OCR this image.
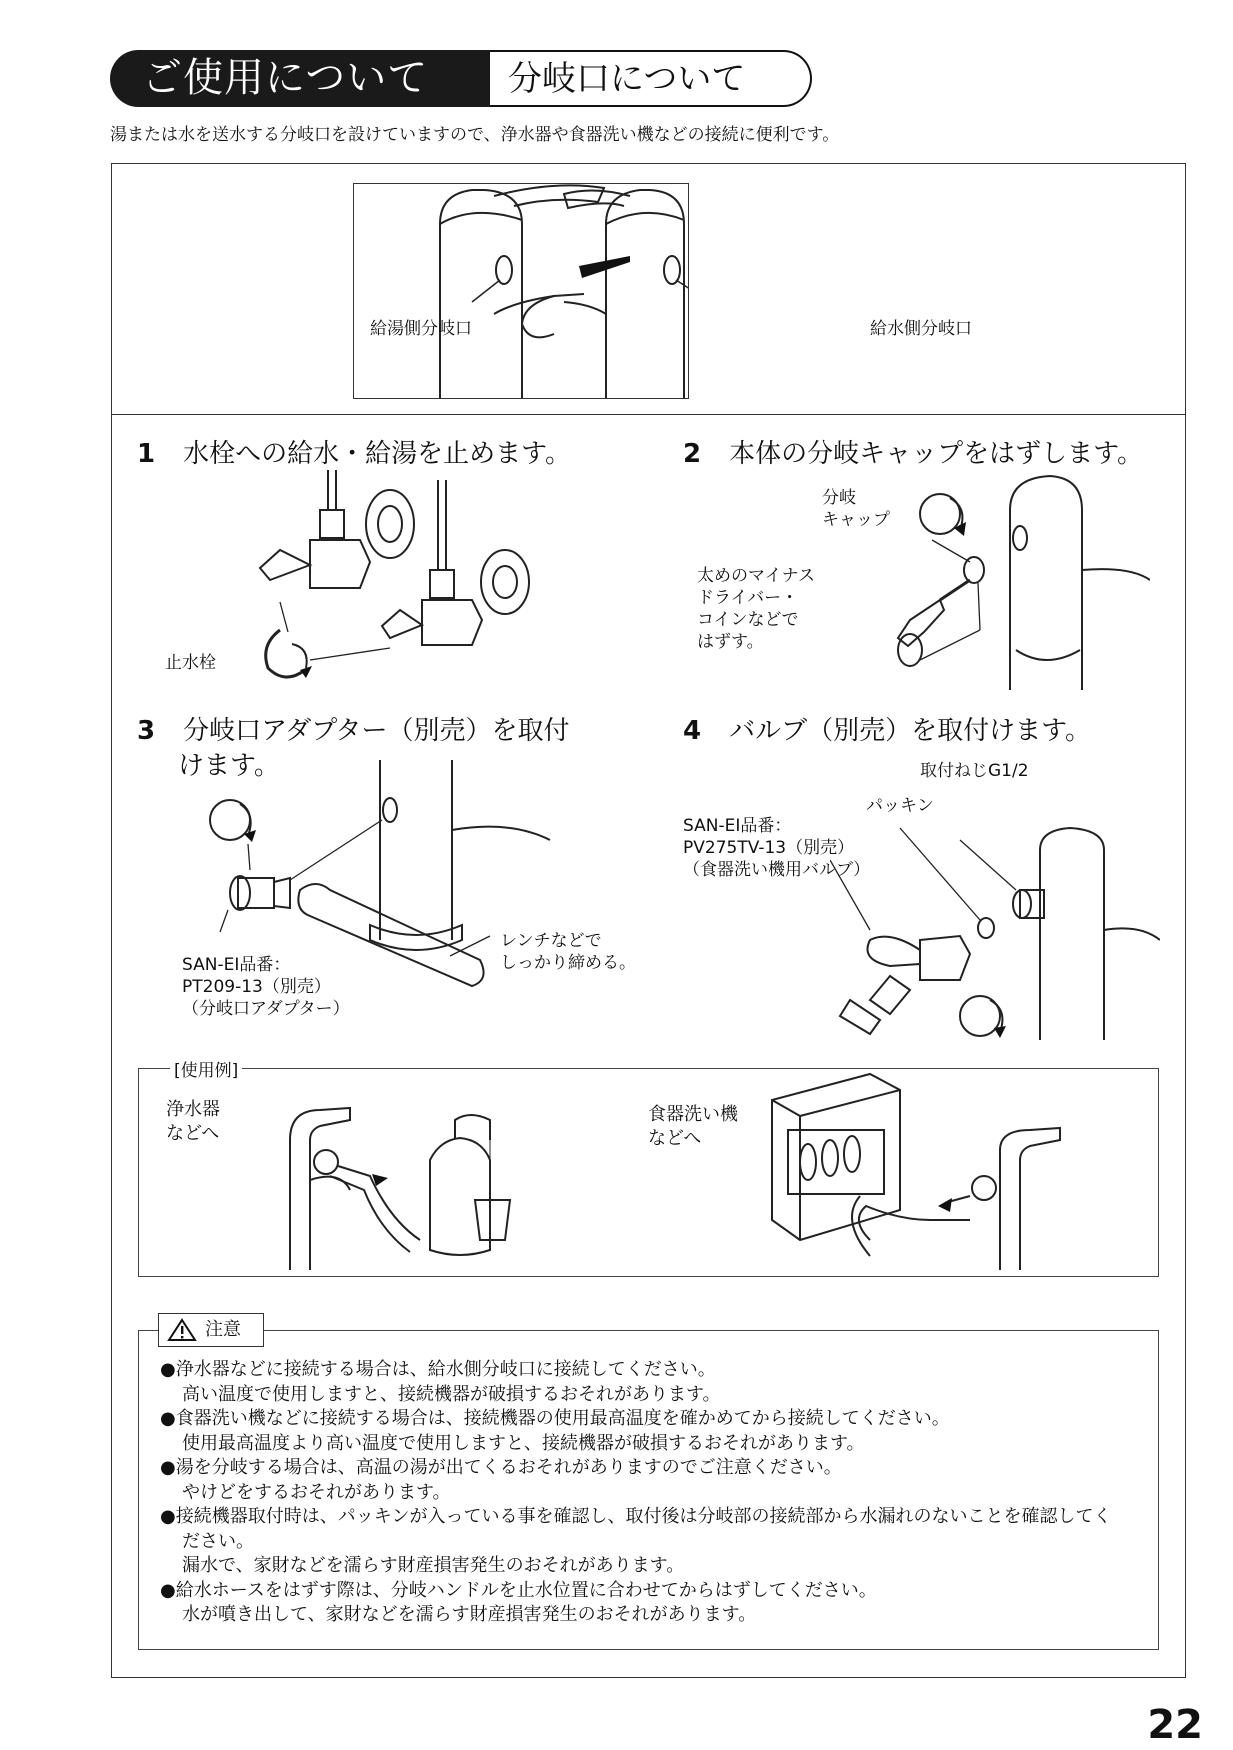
ご使用について	分岐口について
湯または水を送水する分岐口を設けていますので、浄水器や食器洗い機などの接続に便利です。
給湯側分岐口	給水側分岐口
1 水栓への給水・給湯を止めます。
止水栓
2 本体の分岐キャップをはずします。
分岐
キャップ
太めのマイナス
ドライバー・
コインなどで
はずす。
3 分岐口アダプター（別売）を取付
けます。
SAN-EI品番：
PT209-13（別売）
（分岐口アダプター）
レンチなどで
しっかり締める。
4 バルブ（別売）を取付けます。
取付ねじG1/2
パッキン
SAN-EI品番：
PV275TV-13（別売）
（食器洗い機用バルブ）
[使用例]
浄水器
などへ
食器洗い機
などへ
注意
●浄水器などに接続する場合は、給水側分岐口に接続してください。
高い温度で使用しますと、接続機器が破損するおそれがあります。
●食器洗い機などに接続する場合は、接続機器の使用最高温度を確かめてから接続してください。
使用最高温度より高い温度で使用しますと、接続機器が破損するおそれがあります。
●湯を分岐する場合は、高温の湯が出てくるおそれがありますのでご注意ください。
やけどをするおそれがあります。
●接続機器取付時は、パッキンが入っている事を確認し、取付後は分岐部の接続部から水漏れのないことを確認してください。
漏水で、家財などを濡らす財産損害発生のおそれがあります。
●給水ホースをはずす際は、分岐ハンドルを止水位置に合わせてからはずしてください。
水が噴き出して、家財などを濡らす財産損害発生のおそれがあります。
22
